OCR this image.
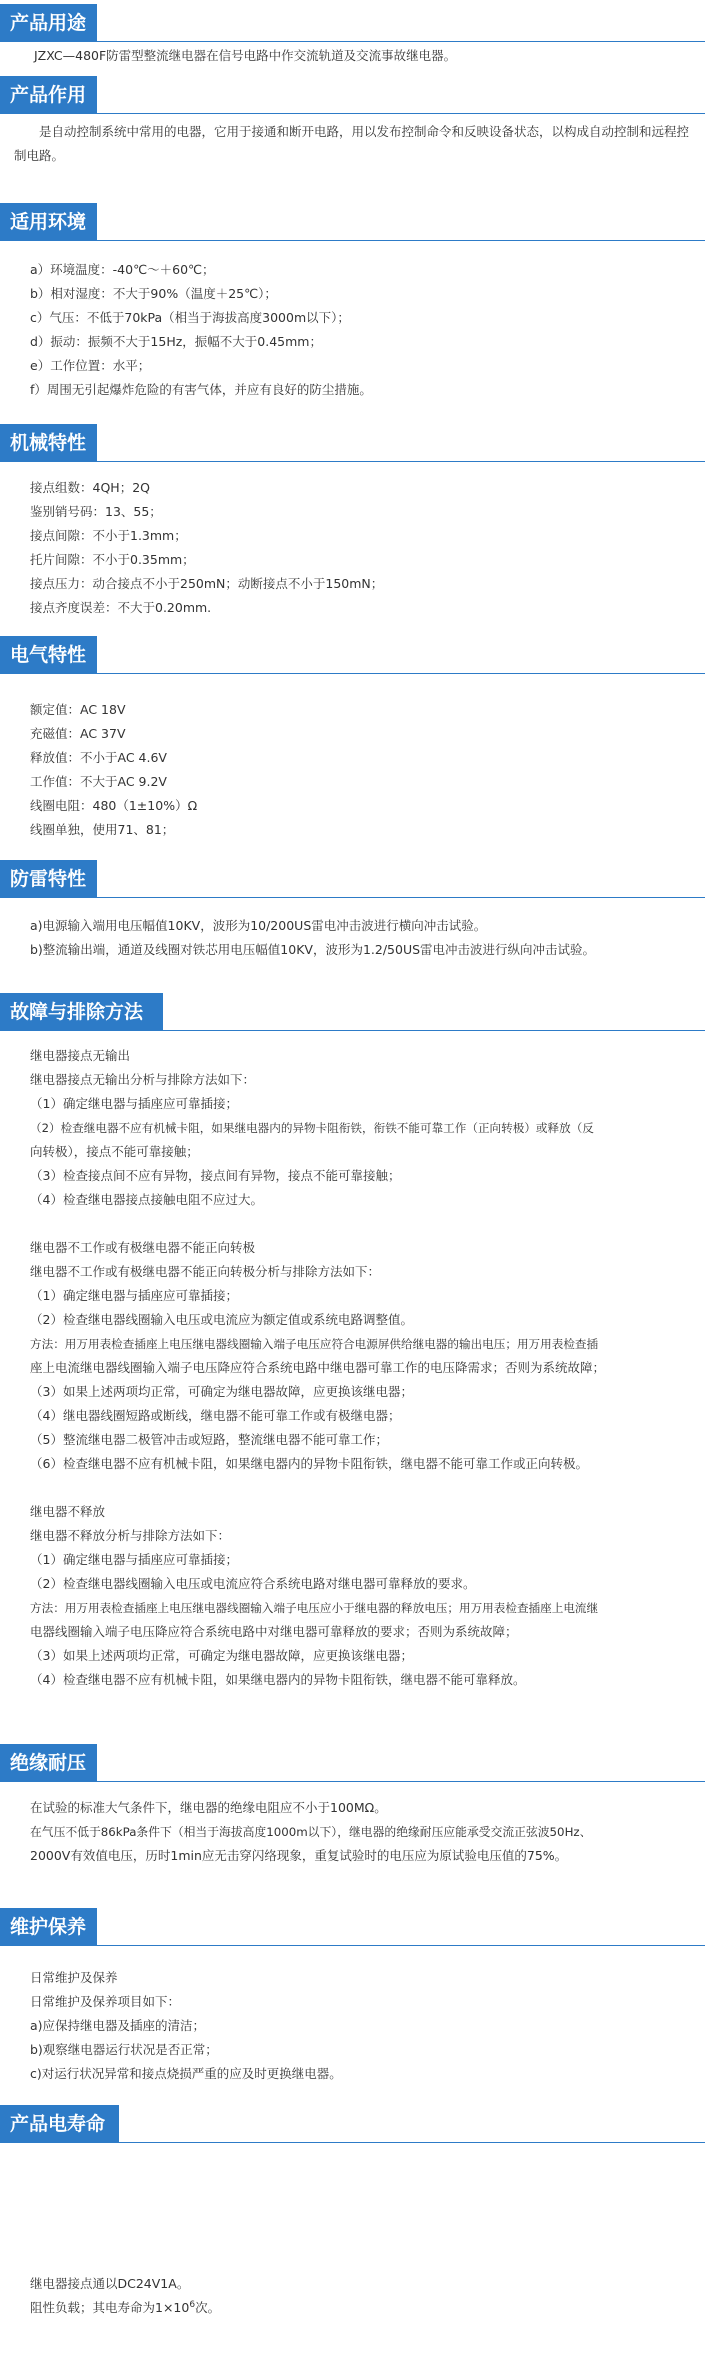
产品用途
JZXC—480F防雷型整流继电器在信号电路中作交流轨道及交流事故继电器。
产品作用
是自动控制系统中常用的电器，它用于接通和断开电路，用以发布控制命令和反映设备状态，以构成自动控制和远程控制电路。
适用环境
a）环境温度：-40℃～＋60℃；
b）相对湿度：不大于90%（温度＋25℃）；
c）气压：不低于70kPa（相当于海拔高度3000m以下）；
d）振动：振频不大于15Hz，振幅不大于0.45mm；
e）工作位置：水平；
f）周围无引起爆炸危险的有害气体，并应有良好的防尘措施。
机械特性
接点组数：4QH；2Q
鉴别销号码：13、55；
接点间隙：不小于1.3mm；
托片间隙：不小于0.35mm；
接点压力：动合接点不小于250mN；动断接点不小于150mN；
接点齐度误差：不大于0.20mm.
电气特性
额定值：AC 18V
充磁值：AC 37V
释放值：不小于AC 4.6V
工作值：不大于AC 9.2V
线圈电阻：480（1±10%）Ω
线圈单独，使用71、81；
防雷特性
a)电源输入端用电压幅值10KV，波形为10/200US雷电冲击波进行横向冲击试验。
b)整流输出端，通道及线圈对铁芯用电压幅值10KV，波形为1.2/50US雷电冲击波进行纵向冲击试验。
故障与排除方法
继电器接点无输出
继电器接点无输出分析与排除方法如下：
（1）确定继电器与插座应可靠插接；
（2）检查继电器不应有机械卡阻，如果继电器内的异物卡阻衔铁，衔铁不能可靠工作（正向转极）或释放（反
向转极），接点不能可靠接触；
（3）检查接点间不应有异物，接点间有异物，接点不能可靠接触；
（4）检查继电器接点接触电阻不应过大。
继电器不工作或有极继电器不能正向转极
继电器不工作或有极继电器不能正向转极分析与排除方法如下：
（1）确定继电器与插座应可靠插接；
（2）检查继电器线圈输入电压或电流应为额定值或系统电路调整值。
方法：用万用表检查插座上电压继电器线圈输入端子电压应符合电源屏供给继电器的输出电压；用万用表检查插
座上电流继电器线圈输入端子电压降应符合系统电路中继电器可靠工作的电压降需求；否则为系统故障；
（3）如果上述两项均正常，可确定为继电器故障，应更换该继电器；
（4）继电器线圈短路或断线，继电器不能可靠工作或有极继电器；
（5）整流继电器二极管冲击或短路，整流继电器不能可靠工作；
（6）检查继电器不应有机械卡阻，如果继电器内的异物卡阻衔铁，继电器不能可靠工作或正向转极。
继电器不释放
继电器不释放分析与排除方法如下：
（1）确定继电器与插座应可靠插接；
（2）检查继电器线圈输入电压或电流应符合系统电路对继电器可靠释放的要求。
方法：用万用表检查插座上电压继电器线圈输入端子电压应小于继电器的释放电压；用万用表检查插座上电流继
电器线圈输入端子电压降应符合系统电路中对继电器可靠释放的要求；否则为系统故障；
（3）如果上述两项均正常，可确定为继电器故障，应更换该继电器；
（4）检查继电器不应有机械卡阻，如果继电器内的异物卡阻衔铁，继电器不能可靠释放。
绝缘耐压
在试验的标准大气条件下，继电器的绝缘电阻应不小于100MΩ。
在气压不低于86kPa条件下（相当于海拔高度1000m以下），继电器的绝缘耐压应能承受交流正弦波50Hz、
2000V有效值电压，历时1min应无击穿闪络现象，重复试验时的电压应为原试验电压值的75%。
维护保养
日常维护及保养
日常维护及保养项目如下：
a)应保持继电器及插座的清洁；
b)观察继电器运行状况是否正常；
c)对运行状况异常和接点烧损严重的应及时更换继电器。
产品电寿命
继电器接点通以DC24V1A。
阻性负载；其电寿命为$1\times 10^6$次。
